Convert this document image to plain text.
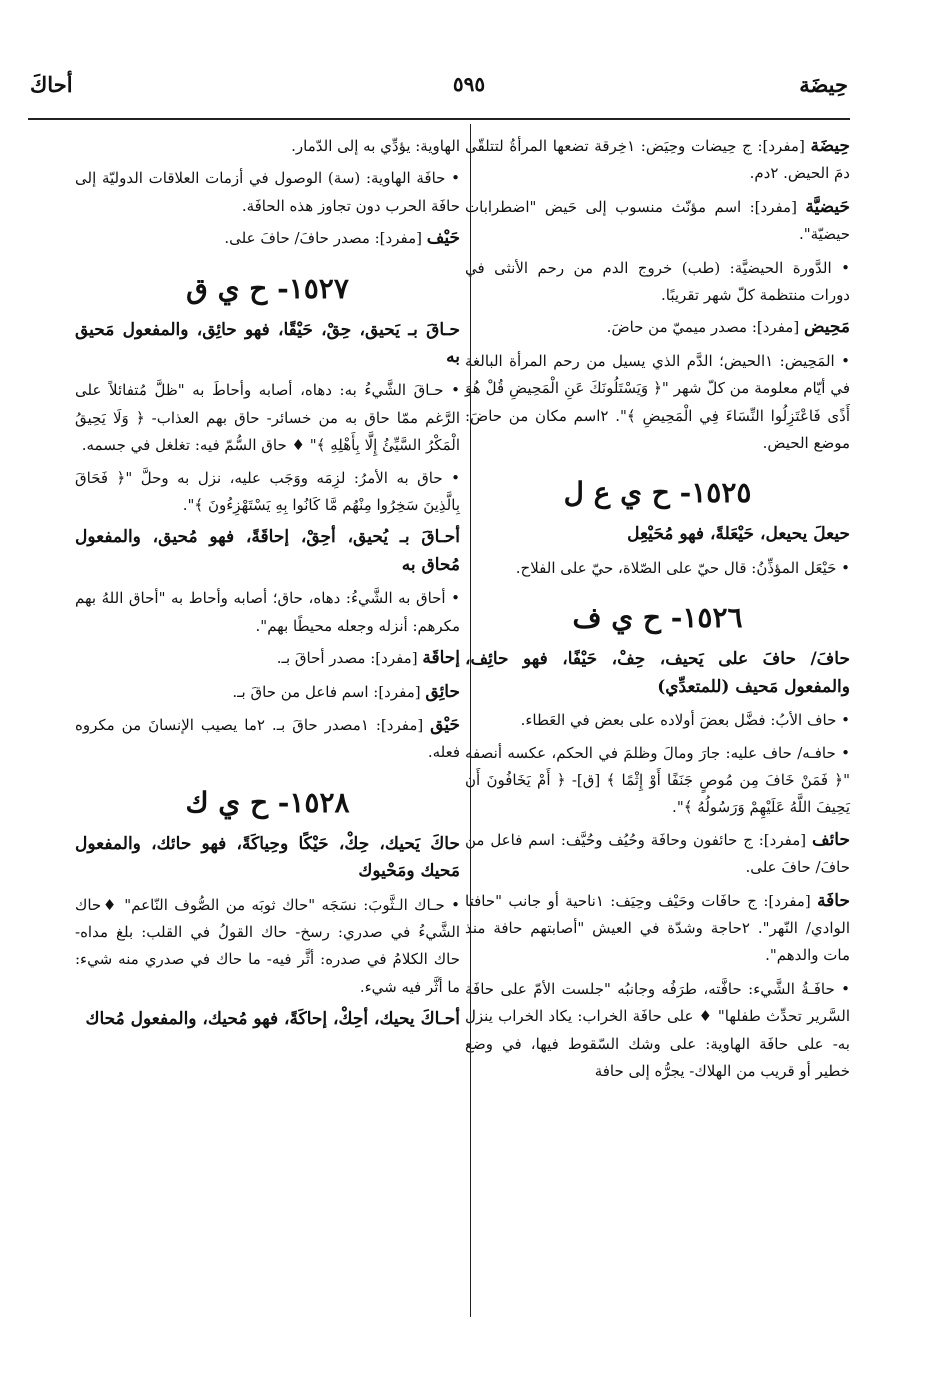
حِيضَة
٥٩٥
أحاكَ
حِيضَة [مفرد]: ج حِيضات وحِيَض: ١خِرقة تضعها المرأةُ لتتلقّى دمَ الحيض. ٢دم.
حَيضيَّة [مفرد]: اسم مؤنّث منسوب إلى حَيض "اضطرابات حيضيّة".
• الدَّورة الحيضيَّة: (طب) خروج الدم من رحم الأنثى في دورات منتظمة كلّ شهر تقريبًا.
مَحِيض [مفرد]: مصدر ميميّ من حاضَ.
• المَحِيض: ١الحيض؛ الدَّم الذي يسيل من رحم المرأة البالغة في أيّام معلومة من كلّ شهر "﴿ وَيَسْتَلُونَكَ عَنِ الْمَحِيضِ قُلْ هُوَ أَذًى فَاعْتَزِلُوا النِّسَاءَ فِي الْمَحِيضِ ﴾". ٢اسم مكان من حاضَ: موضع الحيض.
١٥٢٥- ح ي ع ل
حيعلَ يحيعل، حَيْعَلةً، فهو مُحَيْعِل
• حَيْعَل المؤذِّنُ: قال حيّ على الصّلاة، حيّ على الفلاح.
١٥٢٦- ح ي ف
حافَ/ حافَ على يَحيف، حِفْ، حَيْفًا، فهو حائِف، والمفعول مَحيف (للمتعدِّي)
• حاف الأبُ: فضَّل بعضَ أولاده على بعض في العَطاء.
• حافـه/ حاف عليه: جارَ ومالَ وظلمَ في الحكم، عكسه أنصفه "﴿ فَمَنْ خَافَ مِن مُوصٍ جَنَفًا أَوْ إِثْمًا ﴾ [ق]- ﴿ أَمْ يَخَافُونَ أَن يَحِيفَ اللَّهُ عَلَيْهِمْ وَرَسُولُهُ ﴾".
حائف [مفرد]: ج حائفون وحافَة وحُيُف وحُيَّف: اسم فاعل من حافَ/ حافَ على.
حافَة [مفرد]: ج حافَات وحَيْف وحِيَف: ١ناحية أو جانب "حافتا الوادي/ النّهر". ٢حاجة وشدّة في العيش "أصابتهم حافة منذ مات والدهم".
• حافَـةُ الشَّيء: حافَّته، طرَفُه وجانبُه "جلست الأمّ على حافَة السَّرير تحدِّث طفلها" ♦ على حافَة الخراب: يكاد الخراب ينزل به- على حافَة الهاوية: على وشك السّقوط فيها، في وضع خطير أو قريب من الهلاك- يجرُّه إلى حافة
الهاوية: يؤدِّي به إلى الدّمار.
• حافَة الهاوية: (سة) الوصول في أزمات العلاقات الدوليّة إلى حافَة الحرب دون تجاوز هذه الحافَة.
حَيْف [مفرد]: مصدر حافَ/ حافَ على.
١٥٢٧- ح ي ق
حـاقَ بـ يَحيق، حِقْ، حَيْقًا، فهو حائِق، والمفعول مَحيق به
• حـاقَ الشَّيءُ به: دهاه، أصابه وأحاطَ به "ظلَّ مُتفائلاً على الرَّغم ممّا حاق به من خسائر- حاق بهم العذاب- ﴿ وَلَا يَحِيقُ الْمَكْرُ السَّيِّئُ إِلَّا بِأَهْلِهِ ﴾" ♦ حاق السُّمّ فيه: تغلغل في جسمه.
• حاق به الأمرُ: لزِمَه ووَجَب عليه، نزل به وحلَّ "﴿ فَحَاقَ بِالَّذِينَ سَخِرُوا مِنْهُم مَّا كَانُوا بِهِ يَسْتَهْزِءُونَ ﴾".
أحـاقَ بـ يُحيق، أحِقْ، إحاقَةً، فهو مُحيق، والمفعول مُحاق به
• أحاق به الشَّيءُ: دهاه، حاق؛ أصابه وأحاط به "أحاق اللهُ بهم مكرهم: أنزله وجعله محيطًا بهم".
إحاقَة [مفرد]: مصدر أحاقَ بـ.
حائِق [مفرد]: اسم فاعل من حاقَ بـ.
حَيْق [مفرد]: ١مصدر حاقَ بـ. ٢ما يصيب الإنسانَ من مكروه فعله.
١٥٢٨- ح ي ك
حاكَ يَحيك، حِكْ، حَيْكًا وحِياكَةً، فهو حائك، والمفعول مَحيك ومَحْيوك
• حـاك الـثَّوبَ: نسَجَه "حاك ثوبَه من الصُّوف النّاعم" ♦حاك الشَّيءُ في صدري: رسخ- حاك القولُ في القلب: بلغ مداه- حاك الكلامُ في صدره: أثَّر فيه- ما حاك في صدري منه شيء: ما أثَّر فيه شيء.
أحـاكَ يحيك، أحِكْ، إحاكَةً، فهو مُحيك، والمفعول مُحاك
